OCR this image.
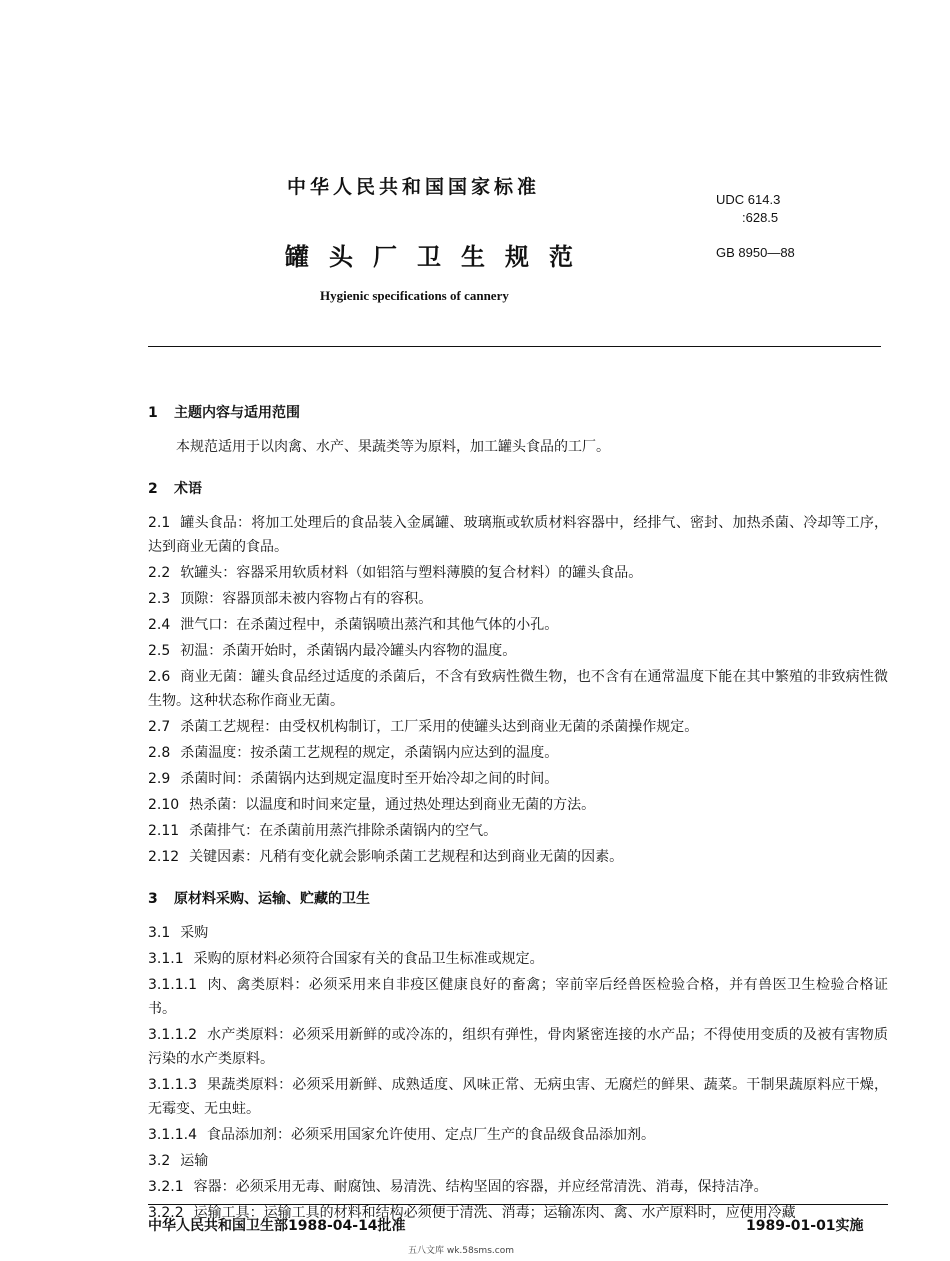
中华人民共和国国家标准
UDC 614.3
:628.5
罐头厂卫生规范	GB 8950—88
Hygienic specifications of cannery
1 主题内容与适用范围
本规范适用于以肉禽、水产、果蔬类等为原料，加工罐头食品的工厂。
2 术语
2.1 罐头食品：将加工处理后的食品装入金属罐、玻璃瓶或软质材料容器中，经排气、密封、加热杀菌、冷却等工序，达到商业无菌的食品。
2.2 软罐头：容器采用软质材料（如铝箔与塑料薄膜的复合材料）的罐头食品。
2.3 顶隙：容器顶部未被内容物占有的容积。
2.4 泄气口：在杀菌过程中，杀菌锅喷出蒸汽和其他气体的小孔。
2.5 初温：杀菌开始时，杀菌锅内最冷罐头内容物的温度。
2.6 商业无菌：罐头食品经过适度的杀菌后，不含有致病性微生物，也不含有在通常温度下能在其中繁殖的非致病性微生物。这种状态称作商业无菌。
2.7 杀菌工艺规程：由受权机构制订，工厂采用的使罐头达到商业无菌的杀菌操作规定。
2.8 杀菌温度：按杀菌工艺规程的规定，杀菌锅内应达到的温度。
2.9 杀菌时间：杀菌锅内达到规定温度时至开始冷却之间的时间。
2.10 热杀菌：以温度和时间来定量，通过热处理达到商业无菌的方法。
2.11 杀菌排气：在杀菌前用蒸汽排除杀菌锅内的空气。
2.12 关键因素：凡稍有变化就会影响杀菌工艺规程和达到商业无菌的因素。
3 原材料采购、运输、贮藏的卫生
3.1 采购
3.1.1 采购的原材料必须符合国家有关的食品卫生标准或规定。
3.1.1.1 肉、禽类原料：必须采用来自非疫区健康良好的畜禽；宰前宰后经兽医检验合格，并有兽医卫生检验合格证书。
3.1.1.2 水产类原料：必须采用新鲜的或冷冻的，组织有弹性，骨肉紧密连接的水产品；不得使用变质的及被有害物质污染的水产类原料。
3.1.1.3 果蔬类原料：必须采用新鲜、成熟适度、风味正常、无病虫害、无腐烂的鲜果、蔬菜。干制果蔬原料应干燥，无霉变、无虫蛀。
3.1.1.4 食品添加剂：必须采用国家允许使用、定点厂生产的食品级食品添加剂。
3.2 运输
3.2.1 容器：必须采用无毒、耐腐蚀、易清洗、结构坚固的容器，并应经常清洗、消毒，保持洁净。
3.2.2 运输工具：运输工具的材料和结构必须便于清洗、消毒；运输冻肉、禽、水产原料时，应使用冷藏
中华人民共和国卫生部1988-04-14批准	1989-01-01实施
五八文库 wk.58sms.com
